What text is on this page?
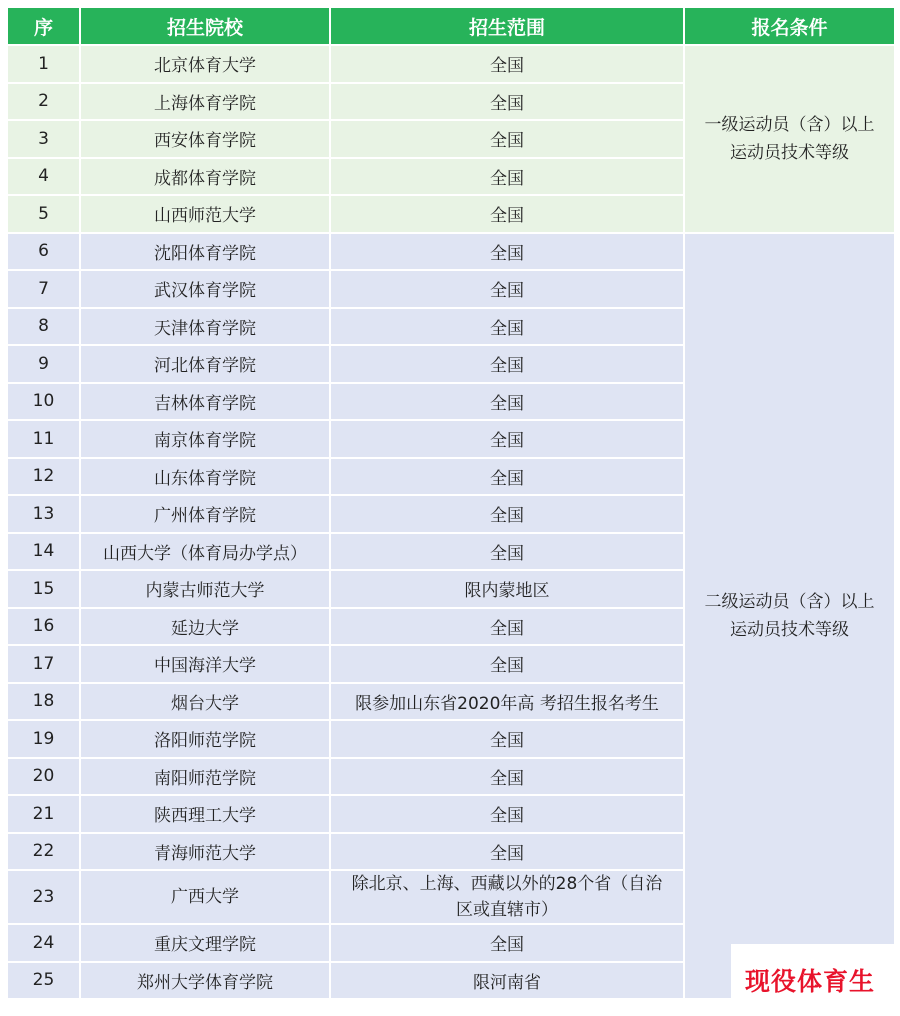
序	招生院校	招生范围	报名条件
1	北京体育大学	全国	一级运动员（含）以上
运动员技术等级

2	上海体育学院	全国	
3	西安体育学院	全国	
4	成都体育学院	全国	
5	山西师范大学	全国	
6	沈阳体育学院	全国	二级运动员（含）以上
运动员技术等级

7	武汉体育学院	全国	
8	天津体育学院	全国	
9	河北体育学院	全国	
10	吉林体育学院	全国	
11	南京体育学院	全国	
12	山东体育学院	全国	
13	广州体育学院	全国	
14	山西大学（体育局办学点）	全国	
15	内蒙古师范大学	限内蒙地区	
16	延边大学	全国	
17	中国海洋大学	全国	
18	烟台大学	限参加山东省2020年高 考招生报名考生	
19	洛阳师范学院	全国	
20	南阳师范学院	全国	
21	陕西理工大学	全国	
22	青海师范大学	全国	
23	广西大学	除北京、上海、西藏以外的28个省（自治
区或直辖市）	

24	重庆文理学院	全国	
25	郑州大学体育学院	限河南省		现役体育生
